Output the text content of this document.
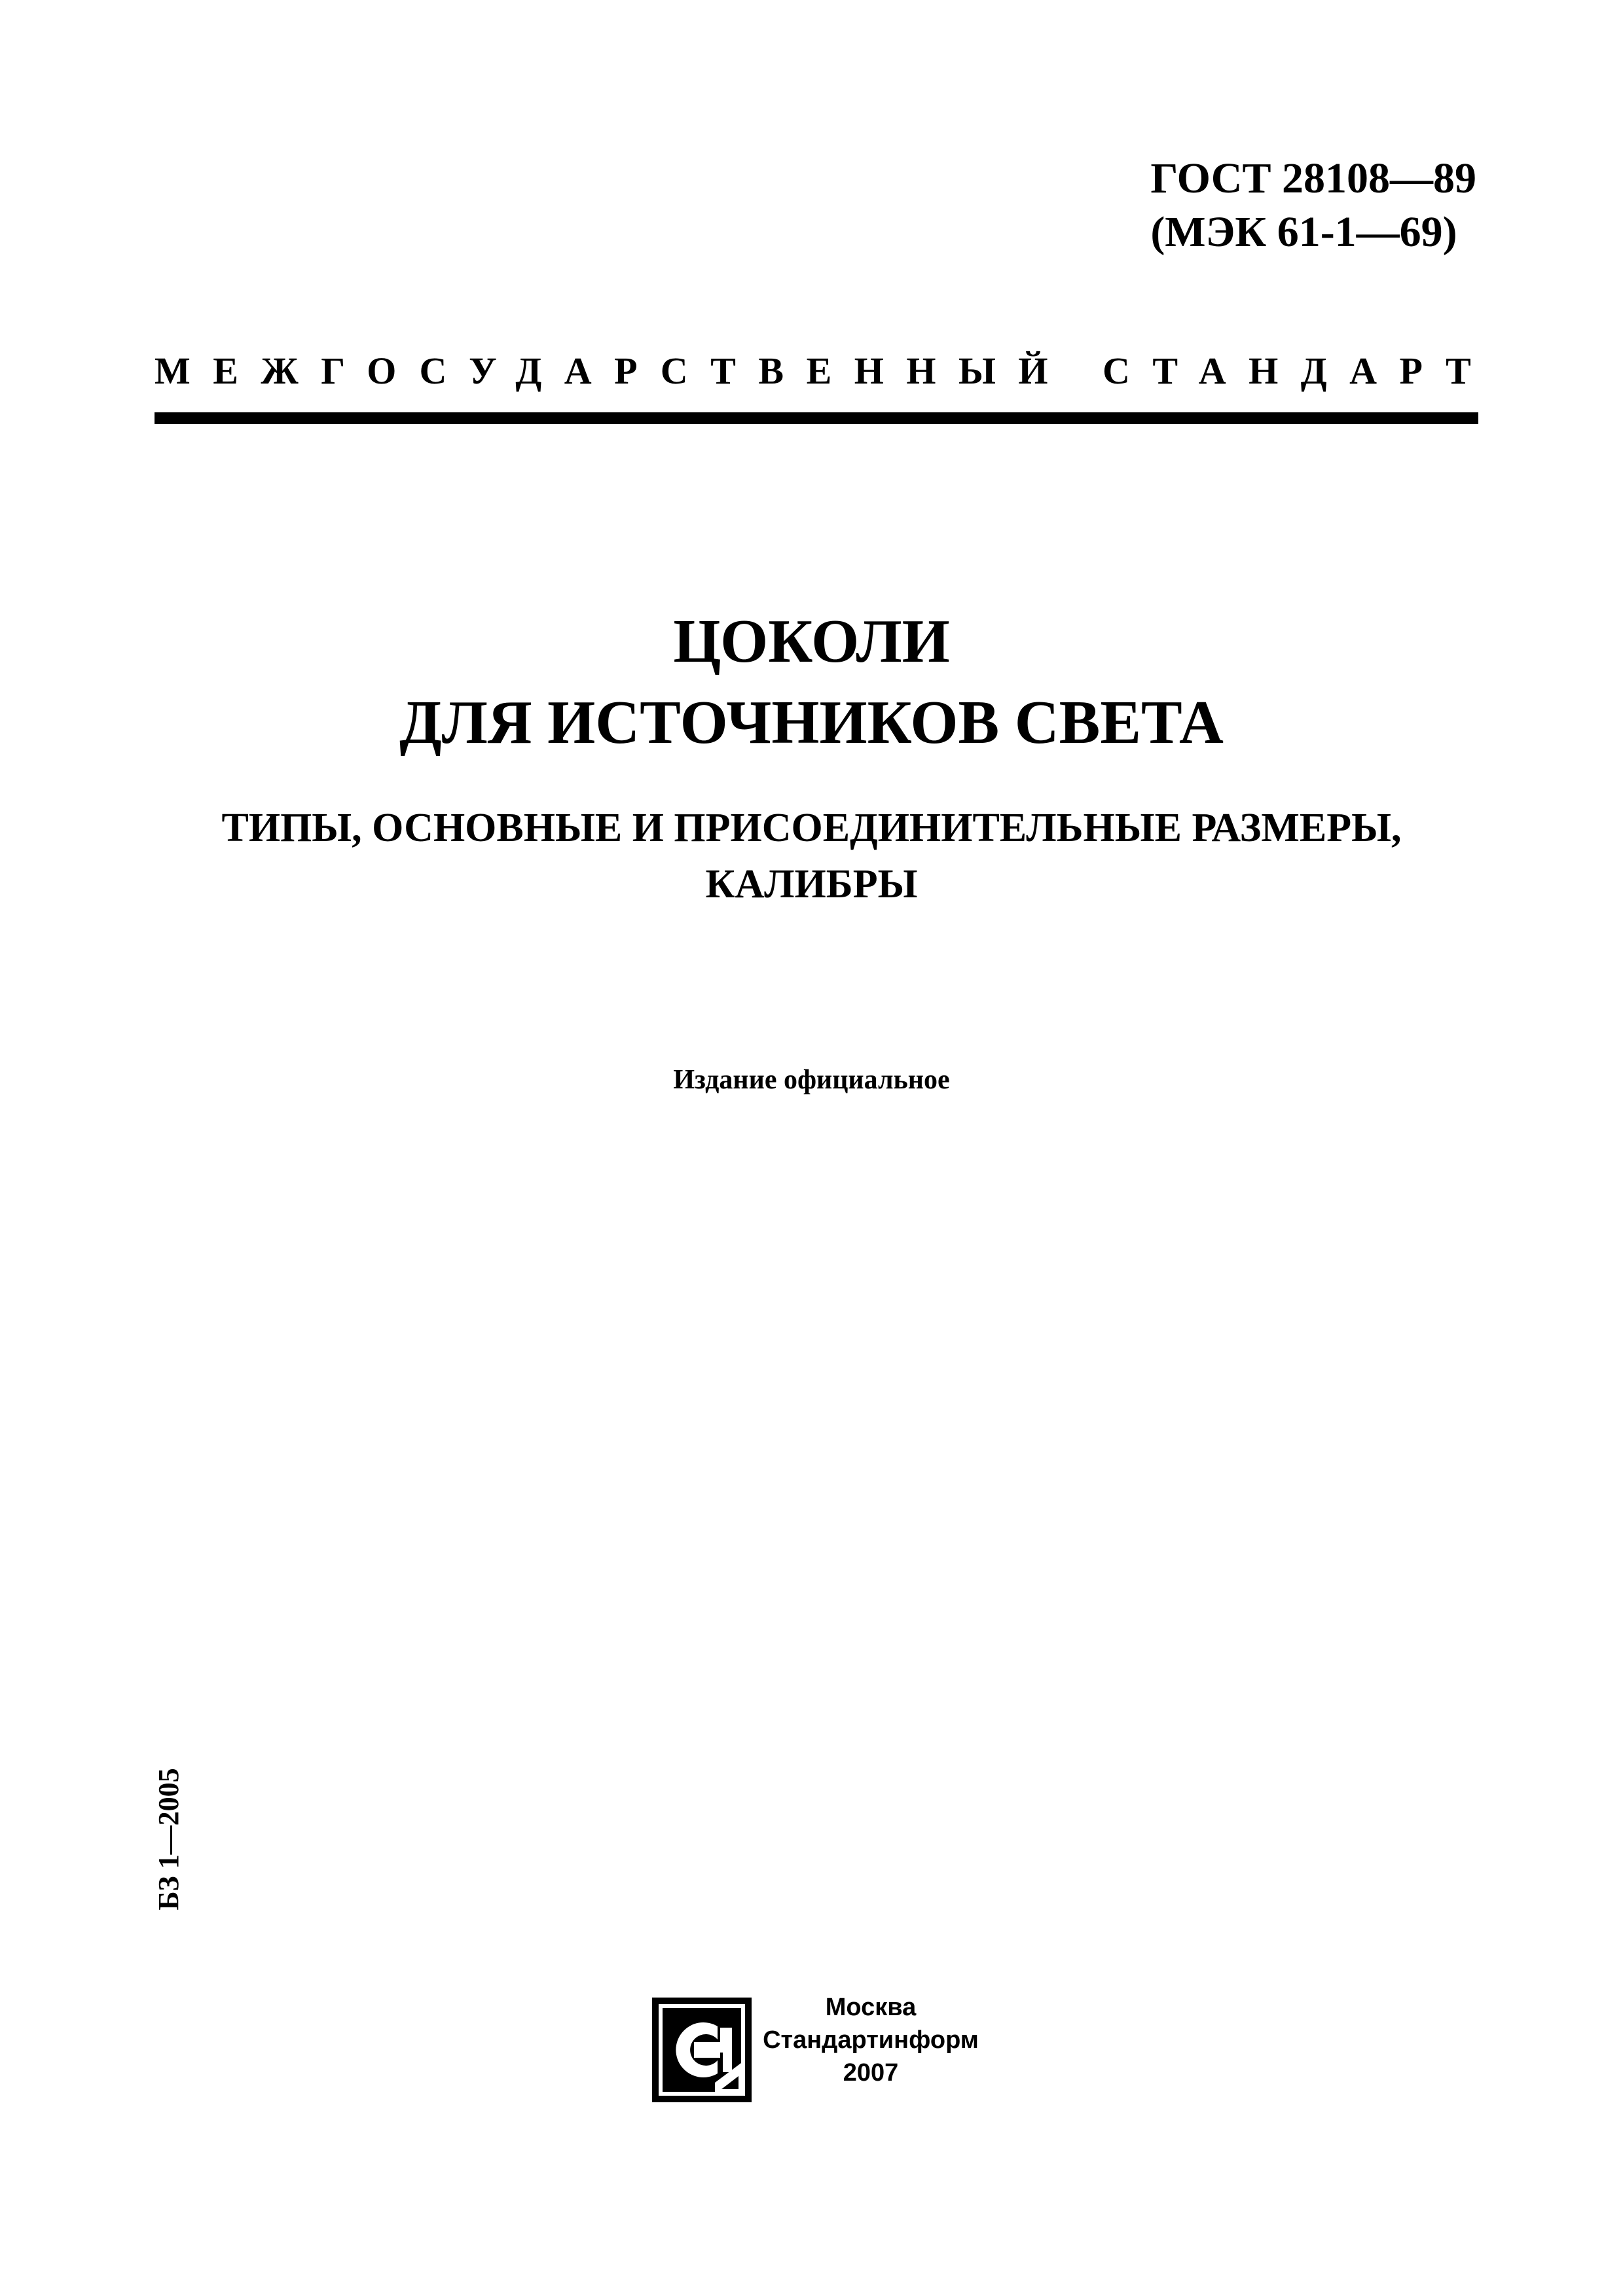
ГОСТ 28108—89
(МЭК 61-1—69)
МЕЖГОСУДАРСТВЕННЫЙ СТАНДАРТ
ЦОКОЛИ
ДЛЯ ИСТОЧНИКОВ СВЕТА
ТИПЫ, ОСНОВНЫЕ И ПРИСОЕДИНИТЕЛЬНЫЕ РАЗМЕРЫ,
КАЛИБРЫ
Издание официальное
БЗ 1—2005
Москва
Стандартинформ
2007
